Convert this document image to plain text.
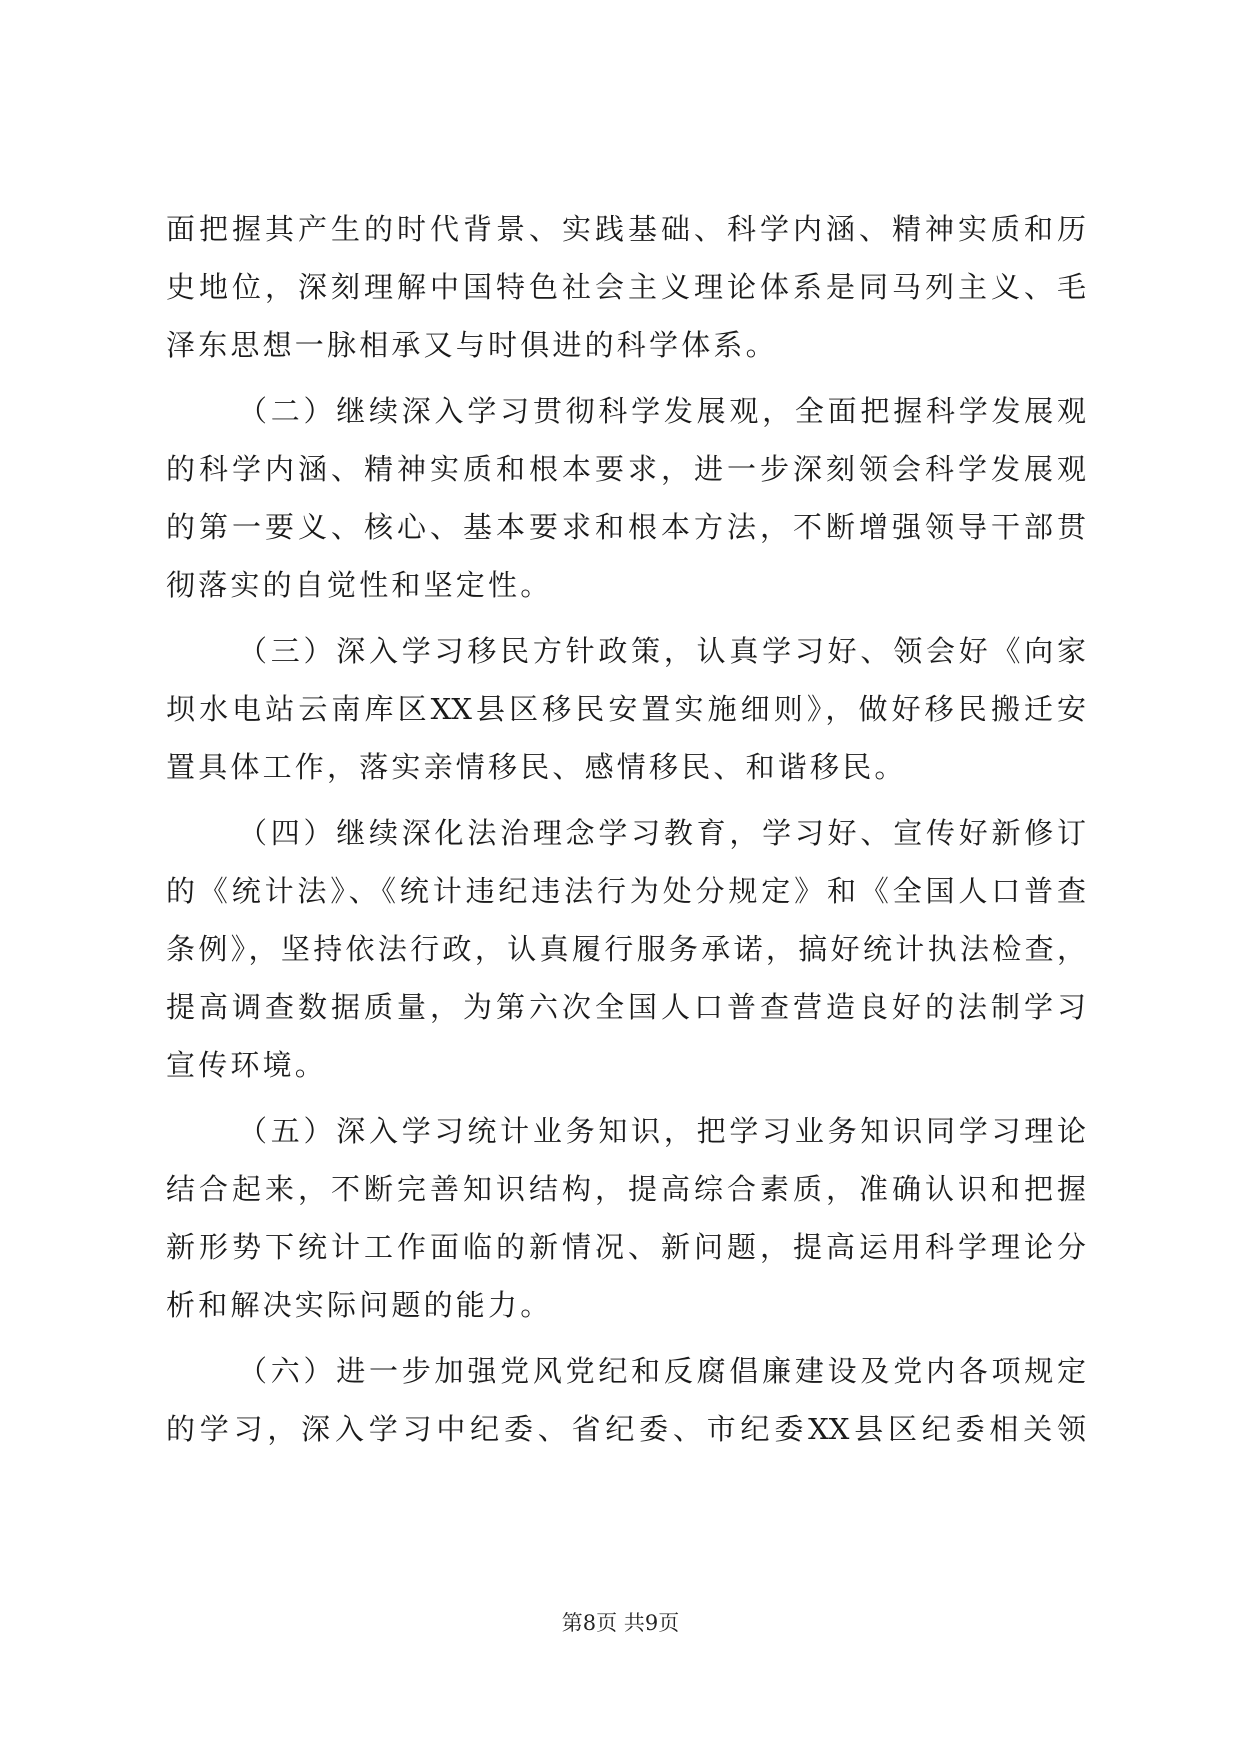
面把握其产生的时代背景、实践基础、科学内涵、精神实质和历
史地位，深刻理解中国特色社会主义理论体系是同马列主义、毛
泽东思想一脉相承又与时俱进的科学体系。
（二）继续深入学习贯彻科学发展观，全面把握科学发展观
的科学内涵、精神实质和根本要求，进一步深刻领会科学发展观
的第一要义、核心、基本要求和根本方法，不断增强领导干部贯
彻落实的自觉性和坚定性。
（三）深入学习移民方针政策，认真学习好、领会好《向家
坝水电站云南库区XX县区移民安置实施细则》，做好移民搬迁安
置具体工作，落实亲情移民、感情移民、和谐移民。
（四）继续深化法治理念学习教育，学习好、宣传好新修订
的《统计法》、《统计违纪违法行为处分规定》和《全国人口普查
条例》，坚持依法行政，认真履行服务承诺，搞好统计执法检查，
提高调查数据质量，为第六次全国人口普查营造良好的法制学习
宣传环境。
（五）深入学习统计业务知识，把学习业务知识同学习理论
结合起来，不断完善知识结构，提高综合素质，准确认识和把握
新形势下统计工作面临的新情况、新问题，提高运用科学理论分
析和解决实际问题的能力。
（六）进一步加强党风党纪和反腐倡廉建设及党内各项规定
的学习，深入学习中纪委、省纪委、市纪委XX县区纪委相关领
第8页 共9页
